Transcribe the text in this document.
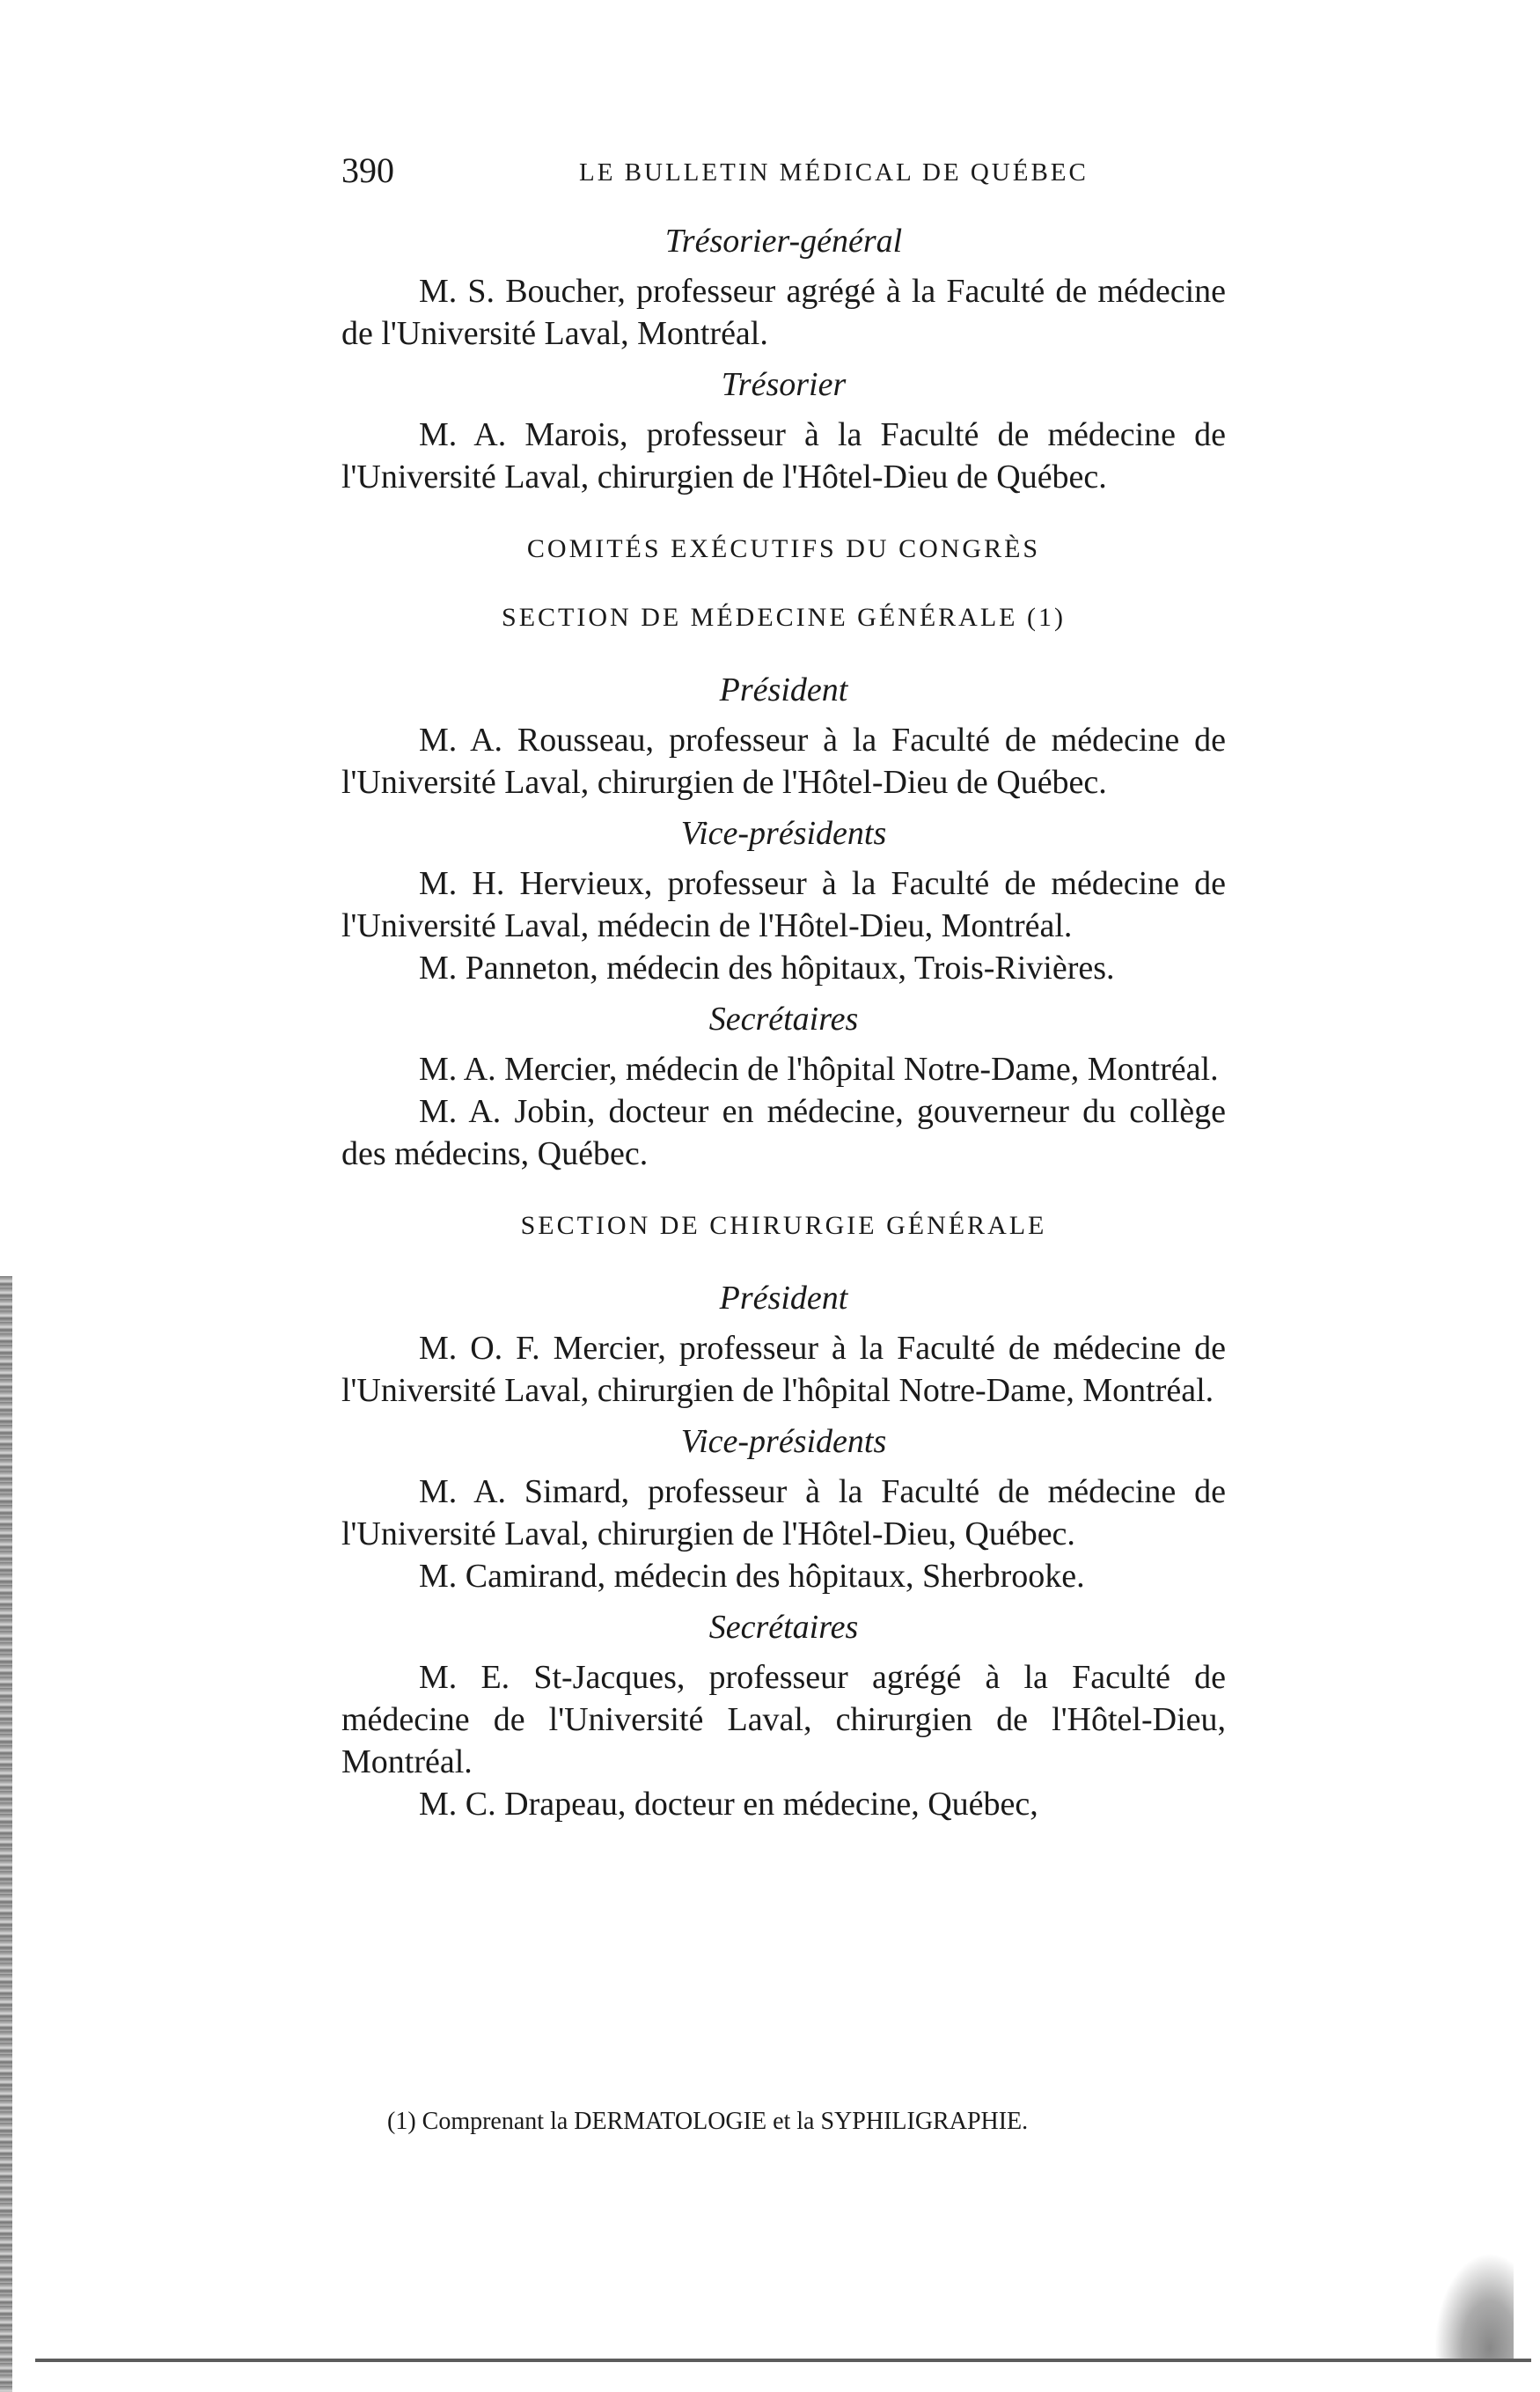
390	LE BULLETIN MÉDICAL DE QUÉBEC
Trésorier-général

M. S. Boucher, professeur agrégé à la Faculté de médecine de l'Université Laval, Montréal.

Trésorier

M. A. Marois, professeur à la Faculté de médecine de l'Université Laval, chirurgien de l'Hôtel-Dieu de Québec.

COMITÉS EXÉCUTIFS DU CONGRÈS
SECTION DE MÉDECINE GÉNÉRALE (1)
Président

M. A. Rousseau, professeur à la Faculté de médecine de l'Université Laval, chirurgien de l'Hôtel-Dieu de Québec.

Vice-présidents

M. H. Hervieux, professeur à la Faculté de médecine de l'Université Laval, médecin de l'Hôtel-Dieu, Montréal.

M. Panneton, médecin des hôpitaux, Trois-Rivières.

Secrétaires

M. A. Mercier, médecin de l'hôpital Notre-Dame, Montréal.

M. A. Jobin, docteur en médecine, gouverneur du collège des médecins, Québec.

SECTION DE CHIRURGIE GÉNÉRALE
Président

M. O. F. Mercier, professeur à la Faculté de médecine de l'Université Laval, chirurgien de l'hôpital Notre-Dame, Montréal.

Vice-présidents

M. A. Simard, professeur à la Faculté de médecine de l'Université Laval, chirurgien de l'Hôtel-Dieu, Québec.

M. Camirand, médecin des hôpitaux, Sherbrooke.

Secrétaires

M. E. St-Jacques, professeur agrégé à la Faculté de médecine de l'Université Laval, chirurgien de l'Hôtel-Dieu, Montréal.

M. C. Drapeau, docteur en médecine, Québec,

(1) Comprenant la DERMATOLOGIE et la SYPHILIGRAPHIE.
